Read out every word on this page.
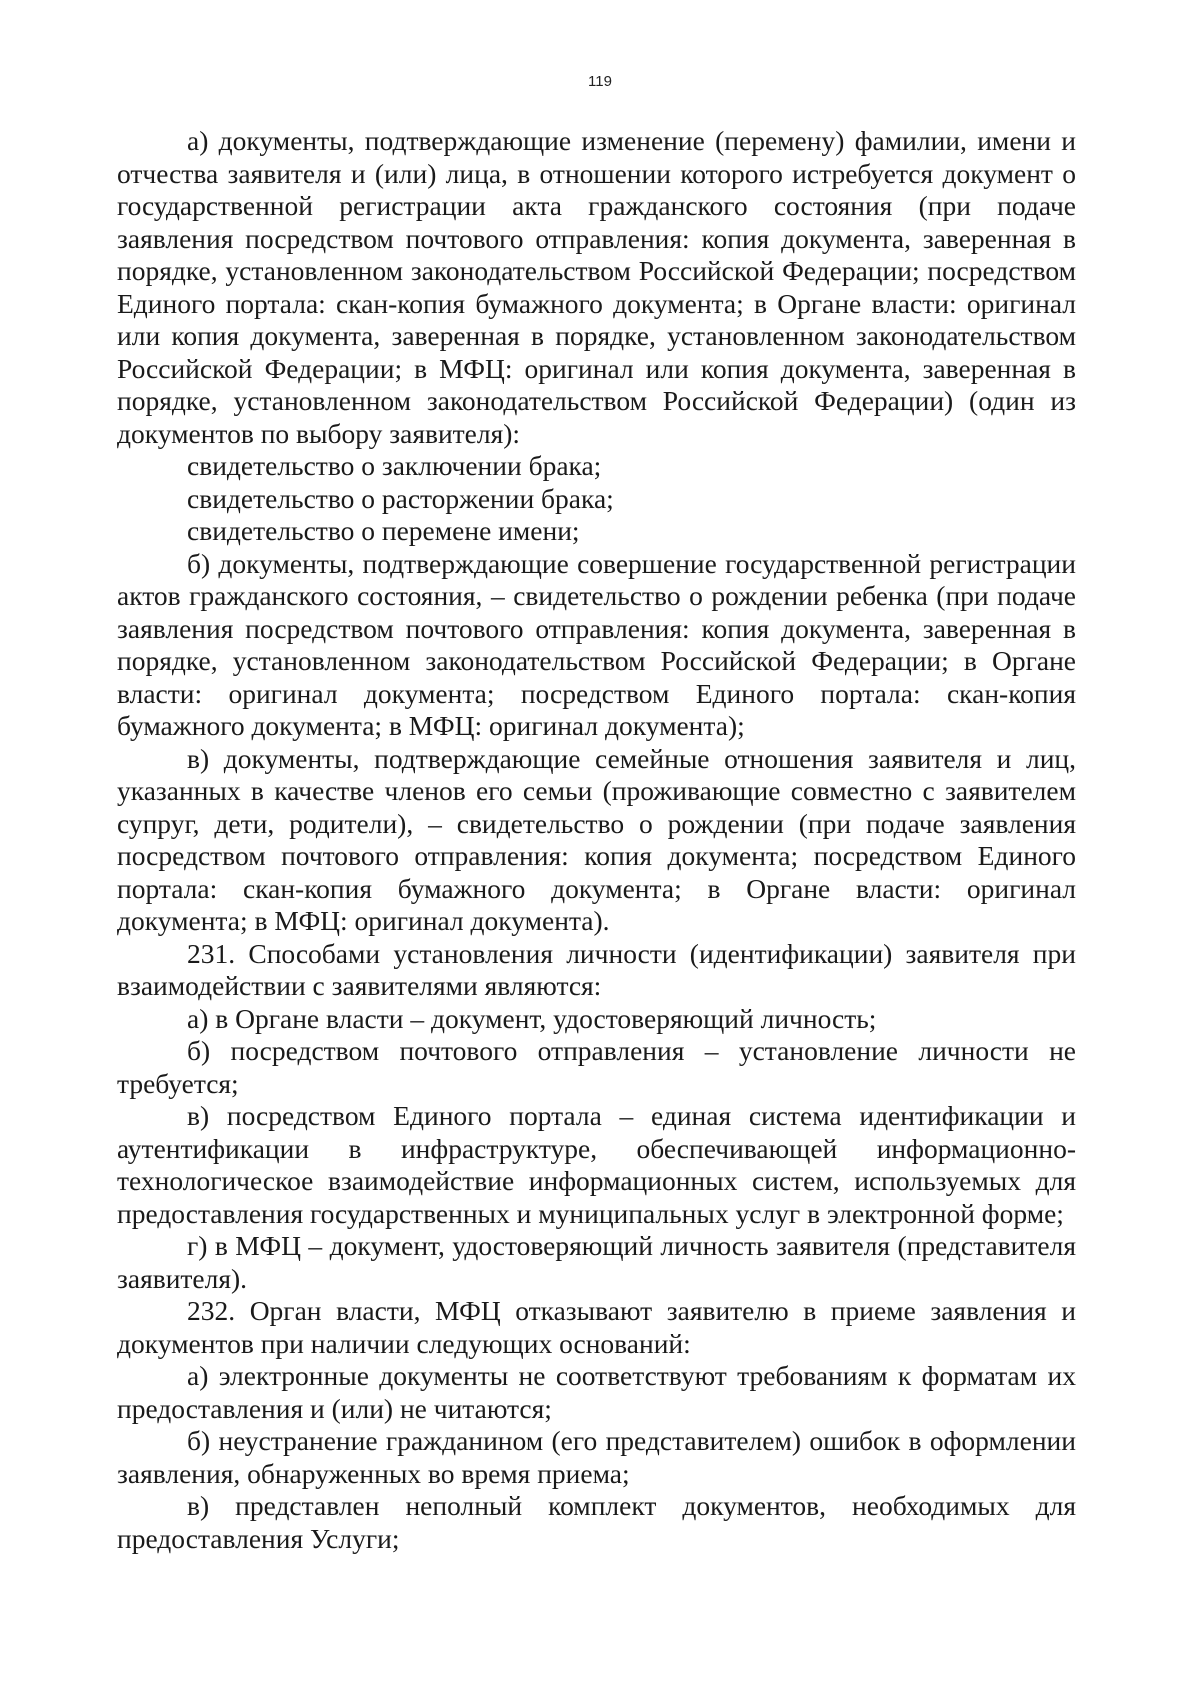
119

а) документы, подтверждающие изменение (перемену) фамилии, имени и отчества заявителя и (или) лица, в отношении которого истребуется документ о государственной регистрации акта гражданского состояния (при подаче заявления посредством почтового отправления: копия документа, заверенная в порядке, установленном законодательством Российской Федерации; посредством Единого портала: скан-копия бумажного документа; в Органе власти: оригинал или копия документа, заверенная в порядке, установленном законодательством Российской Федерации; в МФЦ: оригинал или копия документа, заверенная в порядке, установленном законодательством Российской Федерации) (один из документов по выбору заявителя):

свидетельство о заключении брака;

свидетельство о расторжении брака;

свидетельство о перемене имени;

б) документы, подтверждающие совершение государственной регистрации актов гражданского состояния, – свидетельство о рождении ребенка (при подаче заявления посредством почтового отправления: копия документа, заверенная в порядке, установленном законодательством Российской Федерации; в Органе власти: оригинал документа; посредством Единого портала: скан-копия бумажного документа; в МФЦ: оригинал документа);

в) документы, подтверждающие семейные отношения заявителя и лиц, указанных в качестве членов его семьи (проживающие совместно с заявителем супруг, дети, родители), – свидетельство о рождении (при подаче заявления посредством почтового отправления: копия документа; посредством Единого портала: скан-копия бумажного документа; в Органе власти: оригинал документа; в МФЦ: оригинал документа).

231. Способами установления личности (идентификации) заявителя при взаимодействии с заявителями являются:

а) в Органе власти – документ, удостоверяющий личность;

б) посредством почтового отправления – установление личности не требуется;

в) посредством Единого портала – единая система идентификации и аутентификации в инфраструктуре, обеспечивающей информационно-технологическое взаимодействие информационных систем, используемых для предоставления государственных и муниципальных услуг в электронной форме;

г) в МФЦ – документ, удостоверяющий личность заявителя (представителя заявителя).

232. Орган власти, МФЦ отказывают заявителю в приеме заявления и документов при наличии следующих оснований:

а) электронные документы не соответствуют требованиям к форматам их предоставления и (или) не читаются;

б) неустранение гражданином (его представителем) ошибок в оформлении заявления, обнаруженных во время приема;

в) представлен неполный комплект документов, необходимых для предоставления Услуги;
